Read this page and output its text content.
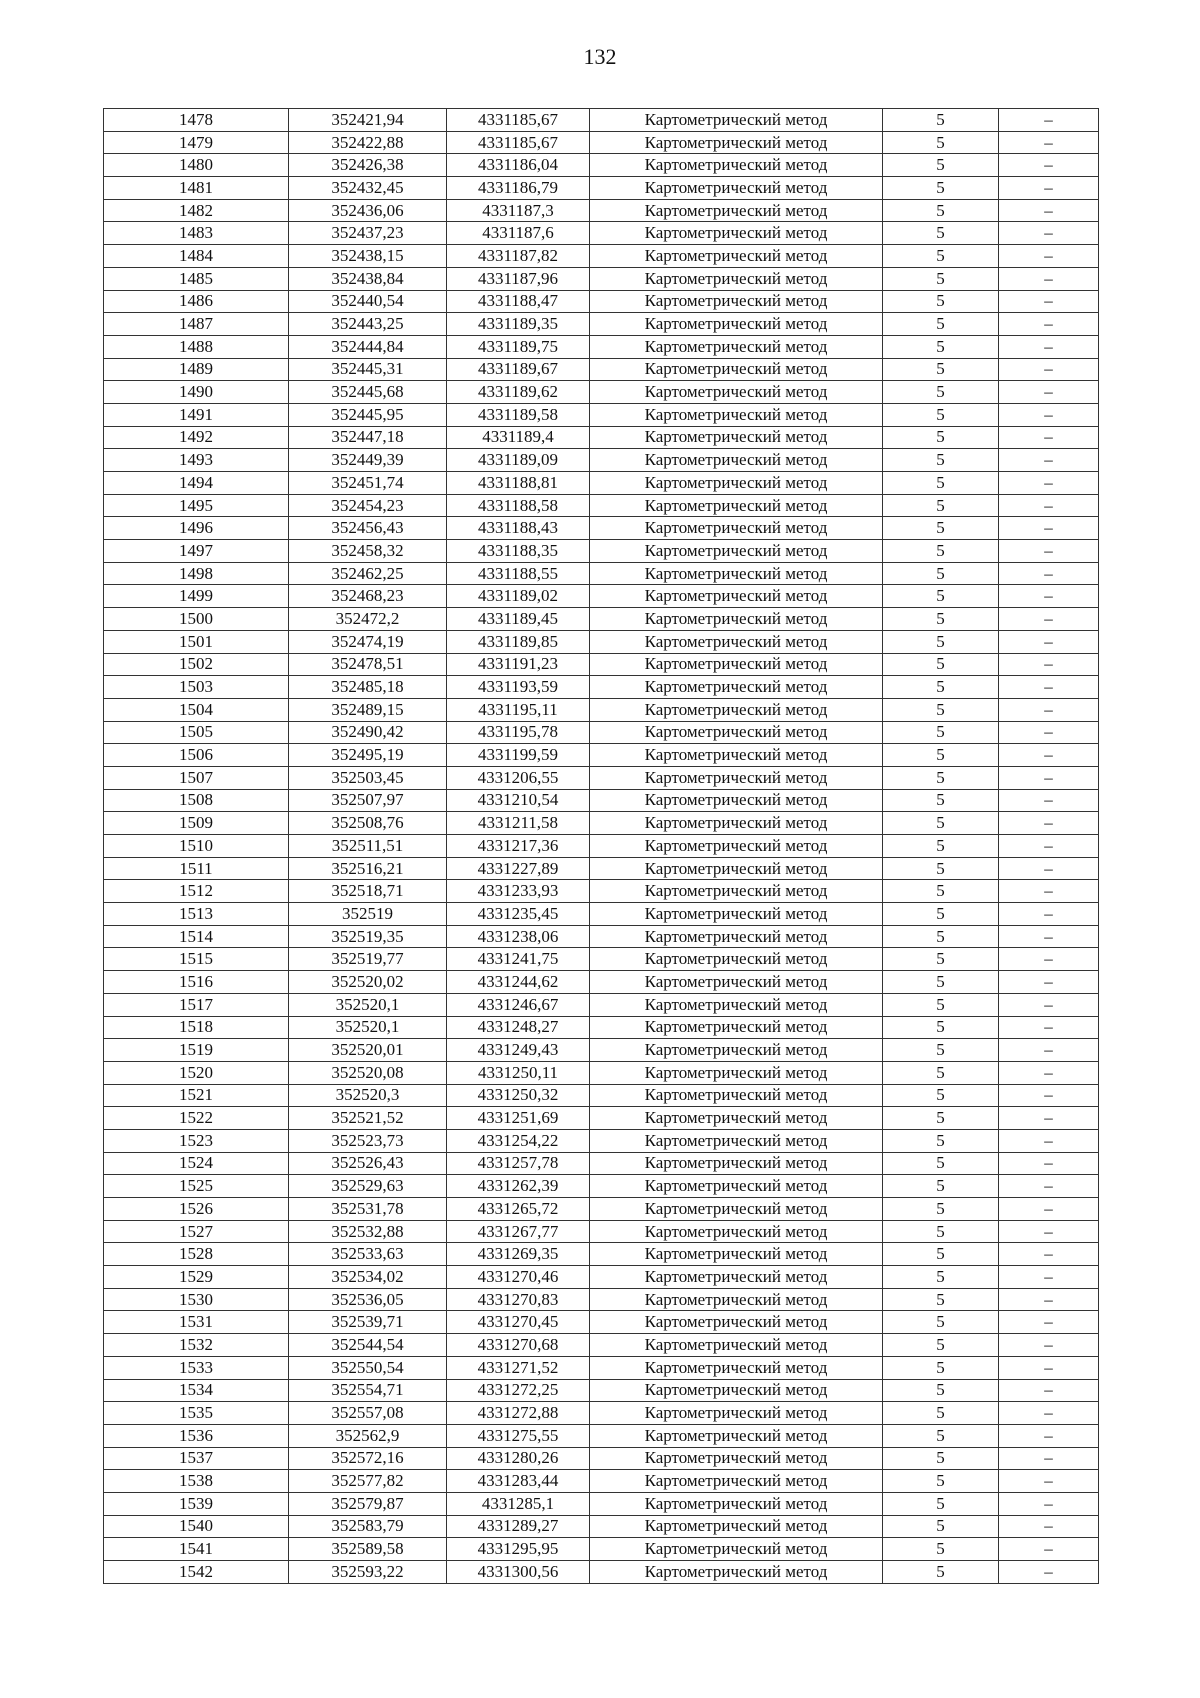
132
1478	352421,94	4331185,67	Картометрический метод	5	–
1479	352422,88	4331185,67	Картометрический метод	5	–
1480	352426,38	4331186,04	Картометрический метод	5	–
1481	352432,45	4331186,79	Картометрический метод	5	–
1482	352436,06	4331187,3	Картометрический метод	5	–
1483	352437,23	4331187,6	Картометрический метод	5	–
1484	352438,15	4331187,82	Картометрический метод	5	–
1485	352438,84	4331187,96	Картометрический метод	5	–
1486	352440,54	4331188,47	Картометрический метод	5	–
1487	352443,25	4331189,35	Картометрический метод	5	–
1488	352444,84	4331189,75	Картометрический метод	5	–
1489	352445,31	4331189,67	Картометрический метод	5	–
1490	352445,68	4331189,62	Картометрический метод	5	–
1491	352445,95	4331189,58	Картометрический метод	5	–
1492	352447,18	4331189,4	Картометрический метод	5	–
1493	352449,39	4331189,09	Картометрический метод	5	–
1494	352451,74	4331188,81	Картометрический метод	5	–
1495	352454,23	4331188,58	Картометрический метод	5	–
1496	352456,43	4331188,43	Картометрический метод	5	–
1497	352458,32	4331188,35	Картометрический метод	5	–
1498	352462,25	4331188,55	Картометрический метод	5	–
1499	352468,23	4331189,02	Картометрический метод	5	–
1500	352472,2	4331189,45	Картометрический метод	5	–
1501	352474,19	4331189,85	Картометрический метод	5	–
1502	352478,51	4331191,23	Картометрический метод	5	–
1503	352485,18	4331193,59	Картометрический метод	5	–
1504	352489,15	4331195,11	Картометрический метод	5	–
1505	352490,42	4331195,78	Картометрический метод	5	–
1506	352495,19	4331199,59	Картометрический метод	5	–
1507	352503,45	4331206,55	Картометрический метод	5	–
1508	352507,97	4331210,54	Картометрический метод	5	–
1509	352508,76	4331211,58	Картометрический метод	5	–
1510	352511,51	4331217,36	Картометрический метод	5	–
1511	352516,21	4331227,89	Картометрический метод	5	–
1512	352518,71	4331233,93	Картометрический метод	5	–
1513	352519	4331235,45	Картометрический метод	5	–
1514	352519,35	4331238,06	Картометрический метод	5	–
1515	352519,77	4331241,75	Картометрический метод	5	–
1516	352520,02	4331244,62	Картометрический метод	5	–
1517	352520,1	4331246,67	Картометрический метод	5	–
1518	352520,1	4331248,27	Картометрический метод	5	–
1519	352520,01	4331249,43	Картометрический метод	5	–
1520	352520,08	4331250,11	Картометрический метод	5	–
1521	352520,3	4331250,32	Картометрический метод	5	–
1522	352521,52	4331251,69	Картометрический метод	5	–
1523	352523,73	4331254,22	Картометрический метод	5	–
1524	352526,43	4331257,78	Картометрический метод	5	–
1525	352529,63	4331262,39	Картометрический метод	5	–
1526	352531,78	4331265,72	Картометрический метод	5	–
1527	352532,88	4331267,77	Картометрический метод	5	–
1528	352533,63	4331269,35	Картометрический метод	5	–
1529	352534,02	4331270,46	Картометрический метод	5	–
1530	352536,05	4331270,83	Картометрический метод	5	–
1531	352539,71	4331270,45	Картометрический метод	5	–
1532	352544,54	4331270,68	Картометрический метод	5	–
1533	352550,54	4331271,52	Картометрический метод	5	–
1534	352554,71	4331272,25	Картометрический метод	5	–
1535	352557,08	4331272,88	Картометрический метод	5	–
1536	352562,9	4331275,55	Картометрический метод	5	–
1537	352572,16	4331280,26	Картометрический метод	5	–
1538	352577,82	4331283,44	Картометрический метод	5	–
1539	352579,87	4331285,1	Картометрический метод	5	–
1540	352583,79	4331289,27	Картометрический метод	5	–
1541	352589,58	4331295,95	Картометрический метод	5	–
1542	352593,22	4331300,56	Картометрический метод	5	–
